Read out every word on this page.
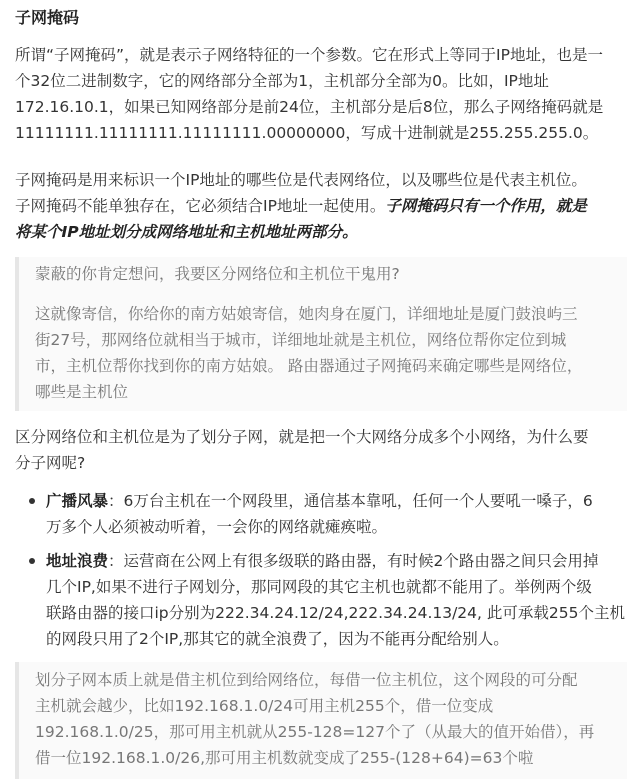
子网掩码
所谓“子网掩码”，就是表示子网络特征的一个参数。它在形式上等同于IP地址，也是一
个32位二进制数字，它的网络部分全部为1，主机部分全部为0。比如，IP地址
172.16.10.1，如果已知网络部分是前24位，主机部分是后8位，那么子网络掩码就是
11111111.11111111.11111111.00000000，写成十进制就是255.255.255.0。
子网掩码是用来标识一个IP地址的哪些位是代表网络位，以及哪些位是代表主机位。
子网掩码不能单独存在，它必须结合IP地址一起使用。子网掩码只有一个作用，就是
将某个IP地址划分成网络地址和主机地址两部分。
蒙蔽的你肯定想问，我要区分网络位和主机位干鬼用?
这就像寄信，你给你的南方姑娘寄信，她肉身在厦门，详细地址是厦门鼓浪屿三
街27号，那网络位就相当于城市，详细地址就是主机位，网络位帮你定位到城
市，主机位帮你找到你的南方姑娘。 路由器通过子网掩码来确定哪些是网络位，
哪些是主机位
区分网络位和主机位是为了划分子网，就是把一个大网络分成多个小网络，为什么要
分子网呢?
广播风暴：6万台主机在一个网段里，通信基本靠吼，任何一个人要吼一嗓子，6
万多个人必须被动听着，一会你的网络就瘫痪啦。
地址浪费：运营商在公网上有很多级联的路由器，有时候2个路由器之间只会用掉
几个IP,如果不进行子网划分，那同网段的其它主机也就都不能用了。举例两个级
联路由器的接口ip分别为222.34.24.12/24,222.34.24.13/24, 此可承载255个主机
的网段只用了2个IP,那其它的就全浪费了，因为不能再分配给别人。
划分子网本质上就是借主机位到给网络位，每借一位主机位，这个网段的可分配
主机就会越少，比如192.168.1.0/24可用主机255个，借一位变成
192.168.1.0/25，那可用主机就从255-128=127个了（从最大的值开始借），再
借一位192.168.1.0/26,那可用主机数就变成了255-(128+64)=63个啦
